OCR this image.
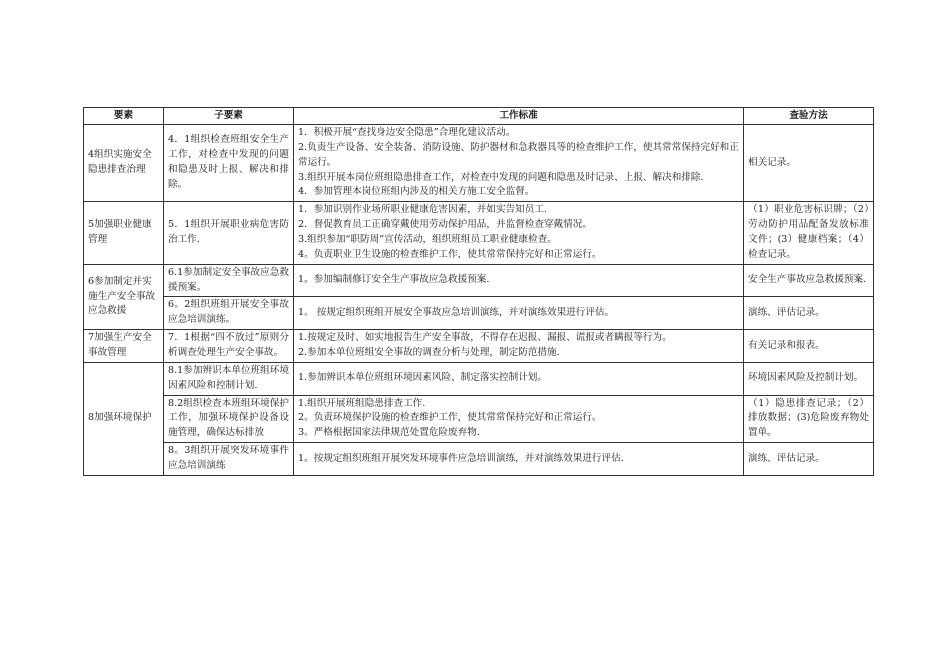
要素	子要素	工作标准	查验方法
4组织实施安全隐患排查治理	4．1组织检查班组安全生产工作，对检查中发现的问题和隐患及时上报、解决和排除。	1．积极开展“查找身边安全隐患”合理化建议活动。

2.负责生产设备、安全装备、消防设施、防护器材和急救器具等的检查维护工作，使其常常保持完好和正常运行。

3.组织开展本岗位班组隐患排查工作，对检查中发现的问题和隐患及时记录、上报、解决和排除.

4．参加管理本岗位班组内涉及的相关方施工安全监督。	相关记录。
5加强职业健康管理	5．1组织开展职业病危害防治工作.	1．参加识别作业场所职业健康危害因素，并如实告知员工.

2．督促教育员工正确穿戴使用劳动保护用品，并监督检查穿戴情况。

3.组织参加“职防周”宣传活动，组织班组员工职业健康检查。

4。负责职业卫生设施的检查维护工作，使其常常保持完好和正常运行。	（1）职业危害标识牌；（2）劳动防护用品配备发放标准文件；(3）健康档案；（4）检查记录。
6参加制定并实施生产安全事故应急救援	6.1参加制定安全事故应急救援预案。	1。参加编制修订安全生产事故应急救援预案.	安全生产事故应急救援预案.
	6。2组织班组开展安全事故应急培训演练。	1。 按规定组织班组开展安全事故应急培训演练，并对演练效果进行评估。	演练、评估记录。
7加强生产安全事故管理	7．1根据“四不放过”原则分析调查处理生产安全事故。	1.按规定及时、如实地报告生产安全事故，不得存在迟报、漏报、谎报或者瞒报等行为。

2.参加本单位班组安全事故的调查分析与处理，制定防范措施.	有关记录和报表。
8加强环境保护	8.1参加辨识本单位班组环境因素风险和控制计划.	1.参加辨识本单位班组环境因素风险、制定落实控制计划。	环境因素风险及控制计划。
	8.2组织检查本班组环境保护工作，加强环境保护设备设施管理，确保达标排放	1.组织开展班组隐患排查工作.

2。负责环境保护设施的检查维护工作，使其常常保持完好和正常运行。

3。严格根据国家法律规范处置危险废弃物.	（1）隐患排查记录；（2）排放数据；(3)危险废弃物处置单。
	8。3组织开展突发环境事件应急培训演练	1。按规定组织班组开展突发环境事件应急培训演练，并对演练效果进行评估.	演练、评估记录。
